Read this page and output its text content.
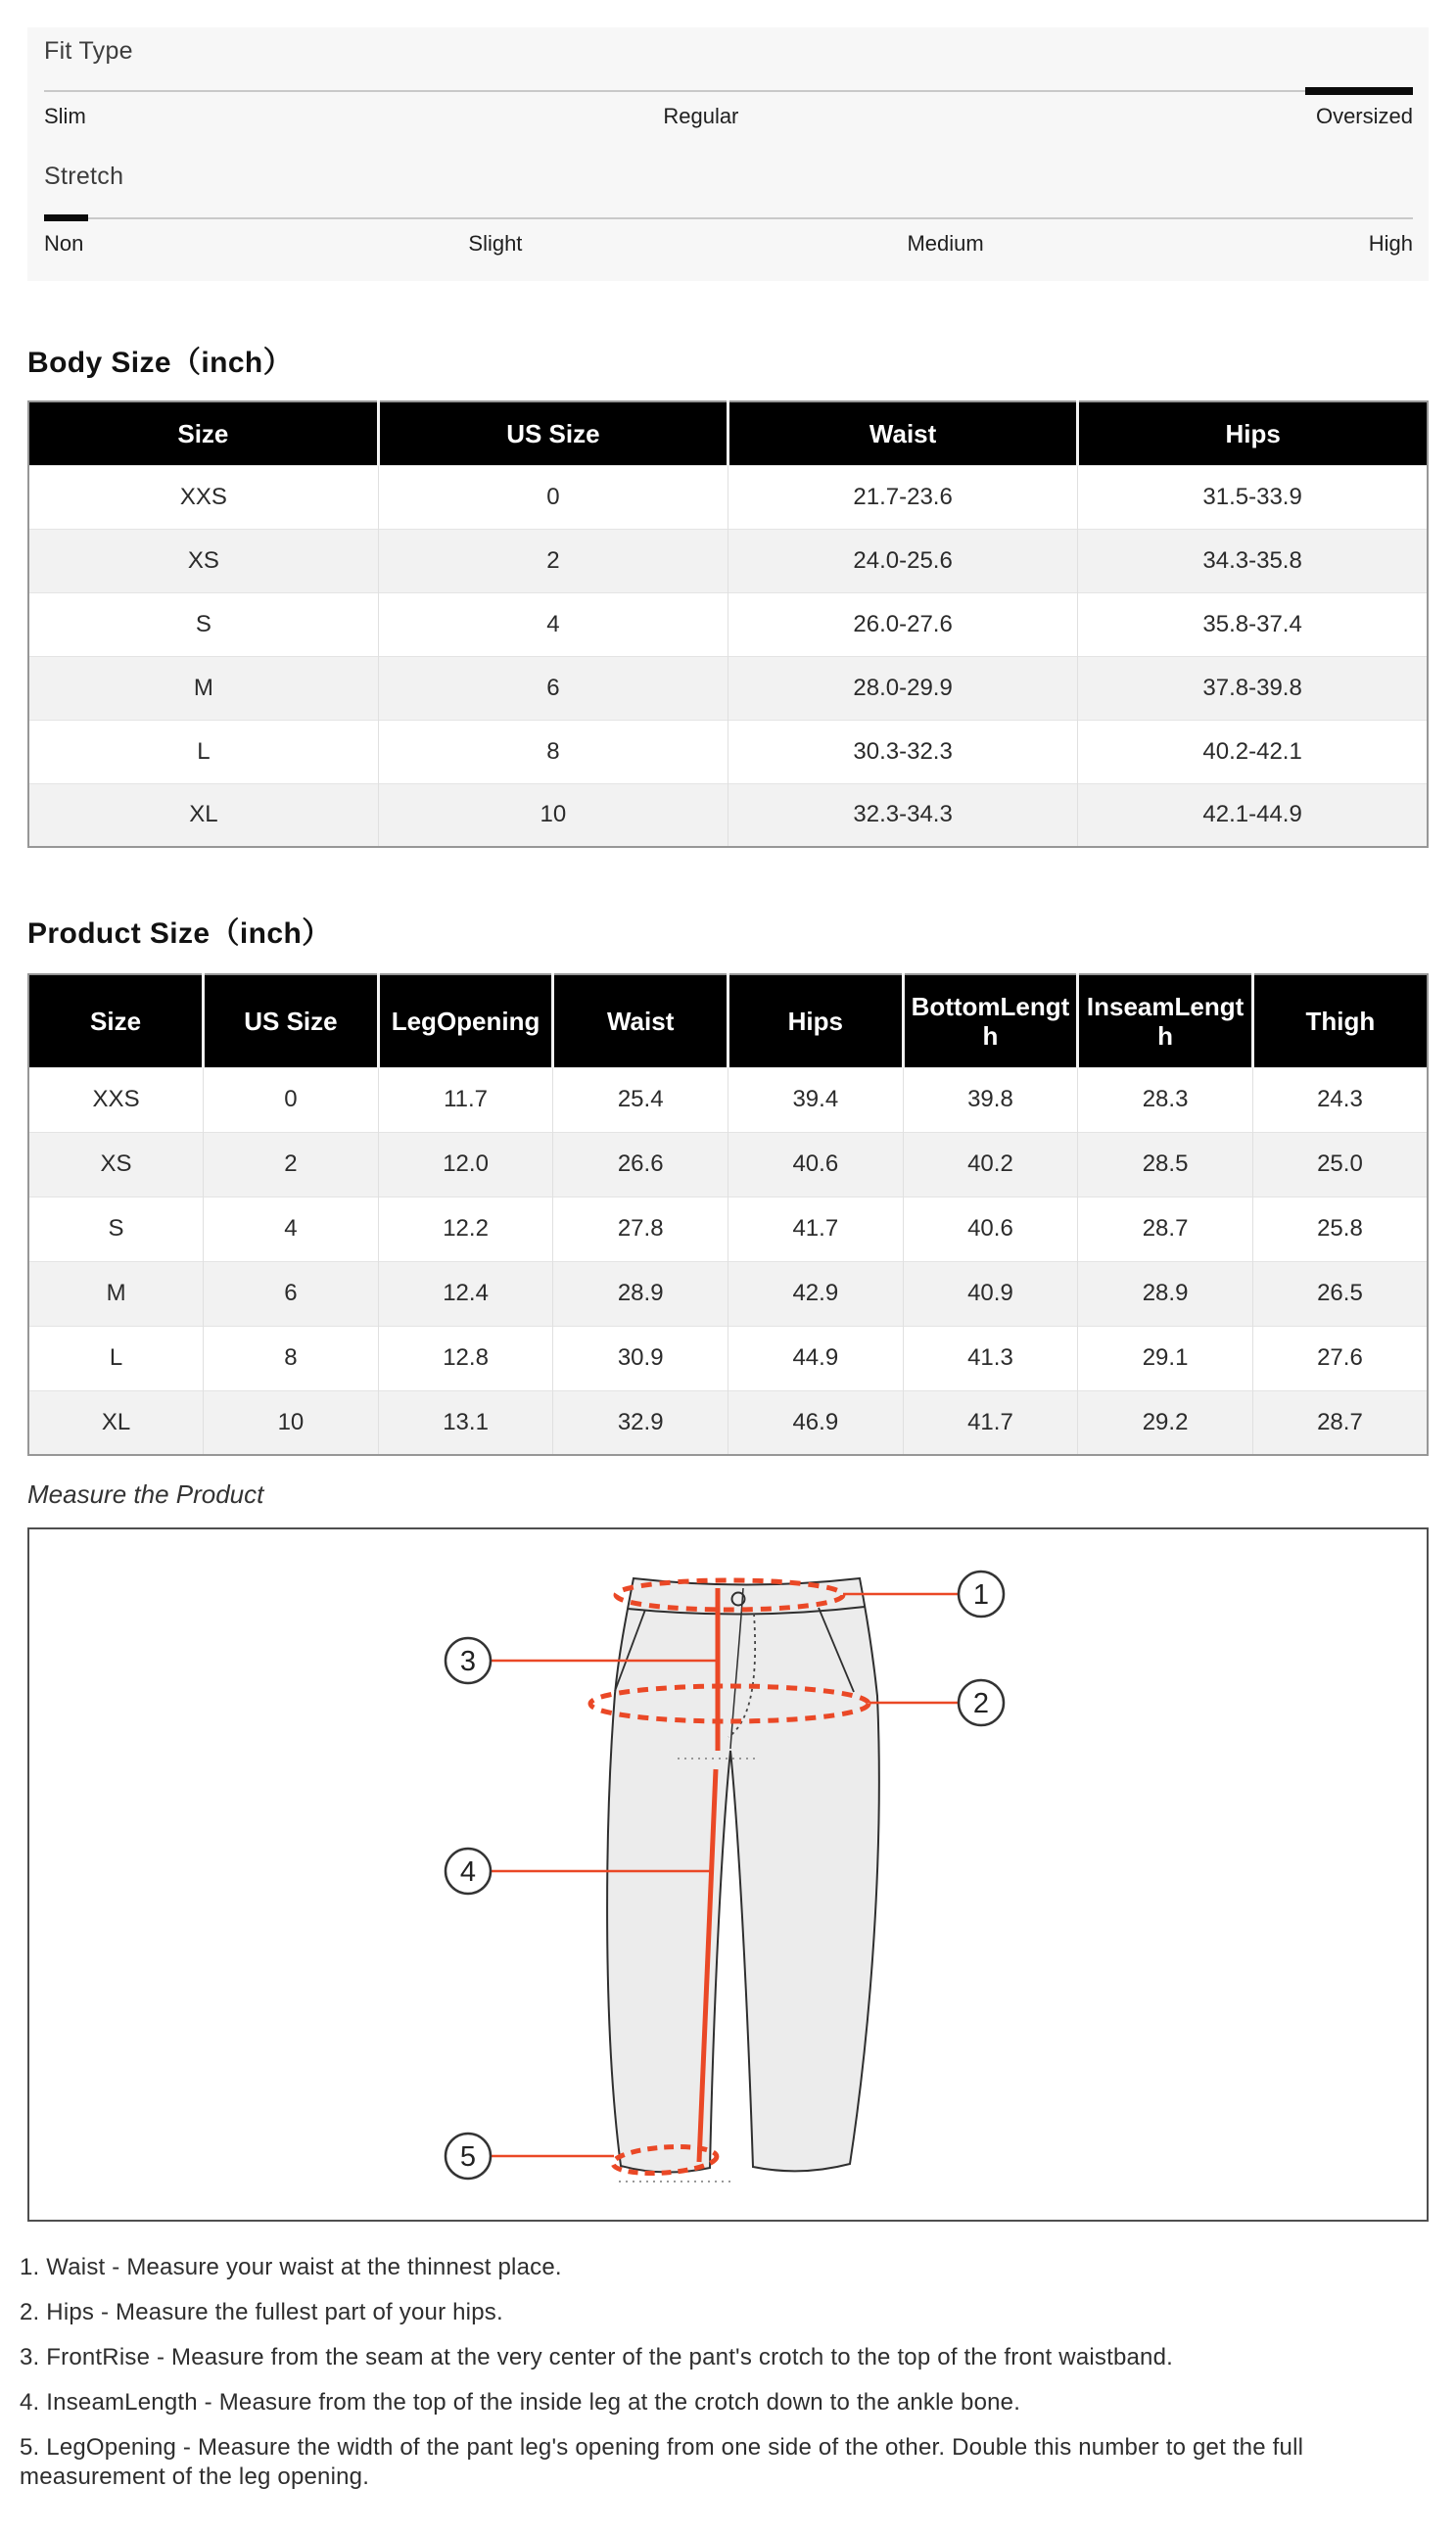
Fit Type
Slim	Regular	Oversized
Stretch
Non	Slight	Medium	High
Body Size（inch）
Size	US Size	Waist	Hips
XXS	0	21.7-23.6	31.5-33.9
XS	2	24.0-25.6	34.3-35.8
S	4	26.0-27.6	35.8-37.4
M	6	28.0-29.9	37.8-39.8
L	8	30.3-32.3	40.2-42.1
XL	10	32.3-34.3	42.1-44.9
Product Size（inch）
Size	US Size	LegOpening	Waist	Hips	BottomLength	InseamLength	Thigh
XXS	0	11.7	25.4	39.4	39.8	28.3	24.3
XS	2	12.0	26.6	40.6	40.2	28.5	25.0
S	4	12.2	27.8	41.7	40.6	28.7	25.8
M	6	12.4	28.9	42.9	40.9	28.9	26.5
L	8	12.8	30.9	44.9	41.3	29.1	27.6
XL	10	13.1	32.9	46.9	41.7	29.2	28.7
Measure the Product
1
2
3
4
5
1. Waist - Measure your waist at the thinnest place.
2. Hips - Measure the fullest part of your hips.
3. FrontRise - Measure from the seam at the very center of the pant's crotch to the top of the front waistband.
4. InseamLength - Measure from the top of the inside leg at the crotch down to the ankle bone.
5. LegOpening - Measure the width of the pant leg's opening from one side of the other. Double this number to get the full measurement of the leg opening.
